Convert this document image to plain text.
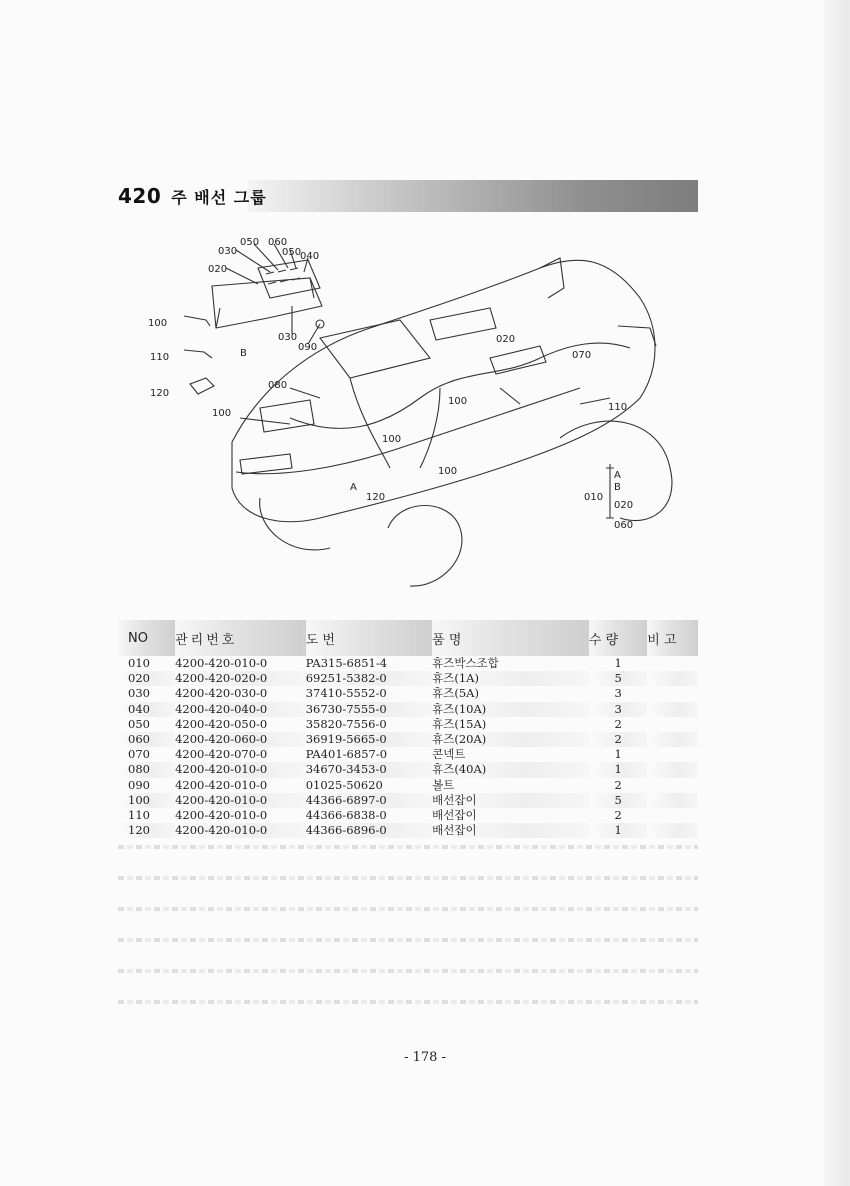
420 주 배선 그룹
030
050 060
050
040
020
100
110
120
030
090
B
020
070
080
100
100
100
110
100
A
120
A
B
010
020
060
NO	관리번호	도 번	품 명	수 량	비 고
010	4200-420-010-0	PA315-6851-4	휴즈박스조합	1	
020	4200-420-020-0	69251-5382-0	휴즈(1A)	5	
030	4200-420-030-0	37410-5552-0	휴즈(5A)	3	
040	4200-420-040-0	36730-7555-0	휴즈(10A)	3	
050	4200-420-050-0	35820-7556-0	휴즈(15A)	2	
060	4200-420-060-0	36919-5665-0	휴즈(20A)	2	
070	4200-420-070-0	PA401-6857-0	콘넥트	1	
080	4200-420-010-0	34670-3453-0	휴즈(40A)	1	
090	4200-420-010-0	01025-50620	볼트	2	
100	4200-420-010-0	44366-6897-0	배선잡이	5	
110	4200-420-010-0	44366-6838-0	배선잡이	2	
120	4200-420-010-0	44366-6896-0	배선잡이	1	
- 178 -
